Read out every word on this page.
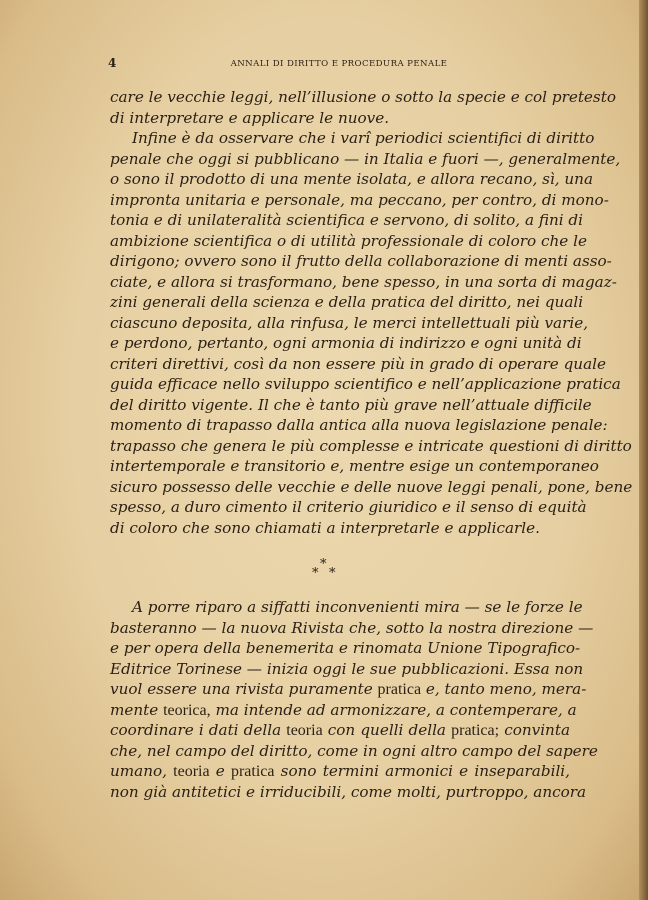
4	ANNALI DI DIRITTO E PROCEDURA PENALE
care le vecchie leggi, nell’illusione o sotto la specie e col pretesto
di interpretare e applicare le nuove.
Infine è da osservare che i varî periodici scientifici di diritto
penale che oggi si pubblicano — in Italia e fuori —, generalmente,
o sono il prodotto di una mente isolata, e allora recano, sì, una
impronta unitaria e personale, ma peccano, per contro, di mono-
tonia e di unilateralità scientifica e servono, di solito, a fini di
ambizione scientifica o di utilità professionale di coloro che le
dirigono; ovvero sono il frutto della collaborazione di menti asso-
ciate, e allora si trasformano, bene spesso, in una sorta di magaz-
zini generali della scienza e della pratica del diritto, nei quali
ciascuno deposita, alla rinfusa, le merci intellettuali più varie,
e perdono, pertanto, ogni armonia di indirizzo e ogni unità di
criteri direttivi, così da non essere più in grado di operare quale
guida efficace nello sviluppo scientifico e nell’applicazione pratica
del diritto vigente. Il che è tanto più grave nell’attuale difficile
momento di trapasso dalla antica alla nuova legislazione penale:
trapasso che genera le più complesse e intricate questioni di diritto
intertemporale e transitorio e, mentre esige un contemporaneo
sicuro possesso delle vecchie e delle nuove leggi penali, pone, bene
spesso, a duro cimento il criterio giuridico e il senso di equità
di coloro che sono chiamati a interpretarle e applicarle.
A porre riparo a siffatti inconvenienti mira — se le forze le
basteranno — la nuova Rivista che, sotto la nostra direzione —
e per opera della benemerita e rinomata Unione Tipografico-
Editrice Torinese — inizia oggi le sue pubblicazioni. Essa non
vuol essere una rivista puramente pratica e, tanto meno, mera-
mente teorica, ma intende ad armonizzare, a contemperare, a
coordinare i dati della teoria con quelli della pratica; convinta
che, nel campo del diritto, come in ogni altro campo del sapere
umano, teoria e pratica sono termini armonici e inseparabili,
non già antitetici e irriducibili, come molti, purtroppo, ancora
*
* *
